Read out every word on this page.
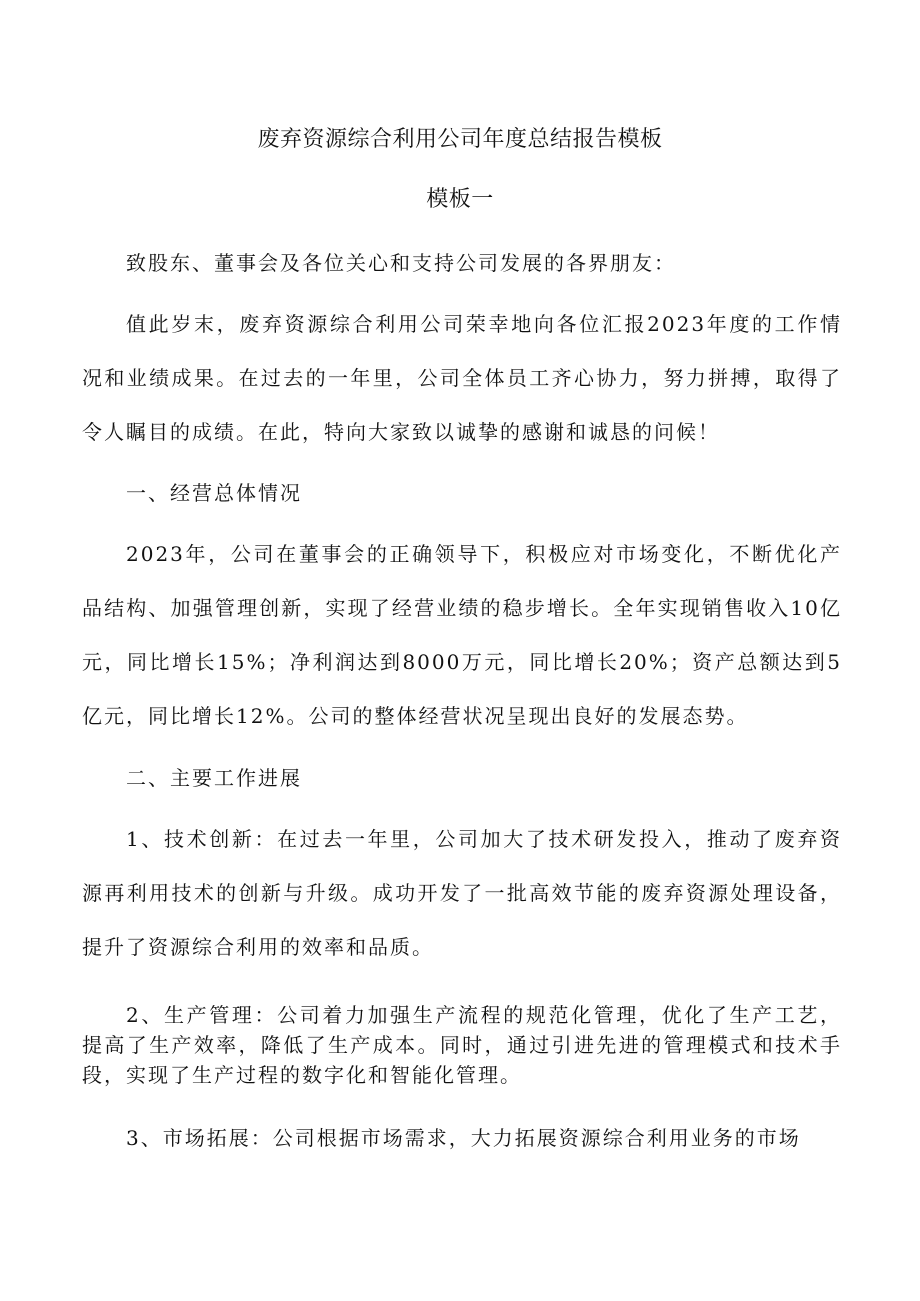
废弃资源综合利用公司年度总结报告模板
模板一

致股东、董事会及各位关心和支持公司发展的各界朋友：

值此岁末，废弃资源综合利用公司荣幸地向各位汇报2023年度的工作情况和业绩成果。在过去的一年里，公司全体员工齐心协力，努力拼搏，取得了令人瞩目的成绩。在此，特向大家致以诚挚的感谢和诚恳的问候！

一、经营总体情况

2023年，公司在董事会的正确领导下，积极应对市场变化，不断优化产品结构、加强管理创新，实现了经营业绩的稳步增长。全年实现销售收入10亿元，同比增长15%；净利润达到8000万元，同比增长20%；资产总额达到5亿元，同比增长12%。公司的整体经营状况呈现出良好的发展态势。

二、主要工作进展

1、技术创新：在过去一年里，公司加大了技术研发投入，推动了废弃资源再利用技术的创新与升级。成功开发了一批高效节能的废弃资源处理设备，提升了资源综合利用的效率和品质。

2、生产管理：公司着力加强生产流程的规范化管理，优化了生产工艺，提高了生产效率，降低了生产成本。同时，通过引进先进的管理模式和技术手段，实现了生产过程的数字化和智能化管理。

3、市场拓展：公司根据市场需求，大力拓展资源综合利用业务的市场
